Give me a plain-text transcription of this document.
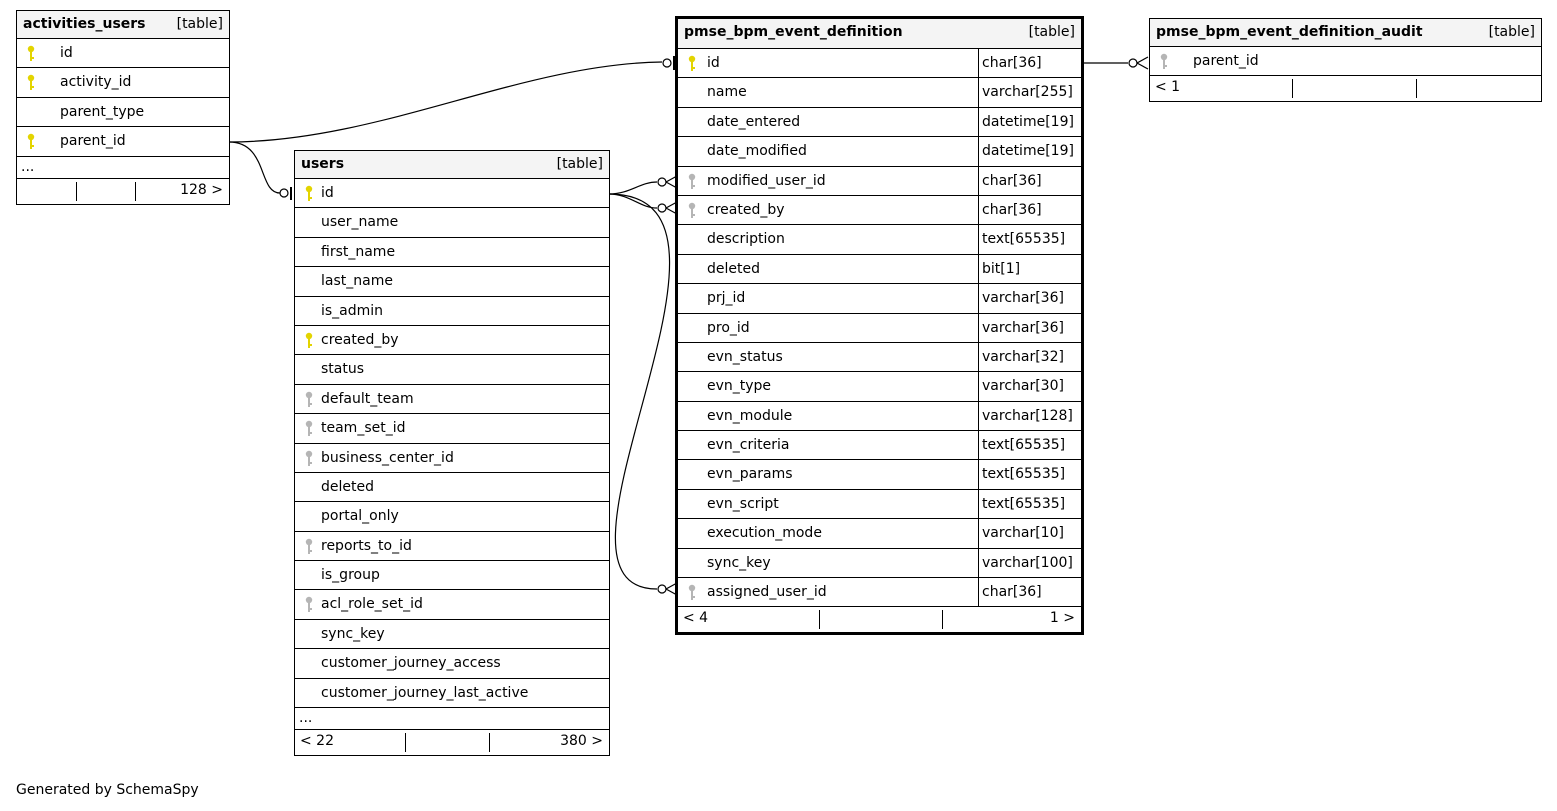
activities_users [table]
id
activity_id
parent_type
parent_id
...
128 >
users	[table]
id
user_name
first_name
last_name
is_admin
created_by
status
default_team
team_set_id
business_center_id
deleted
portal_only
reports_to_id
is_group
acl_role_set_id
sync_key
customer_journey_access
customer_journey_last_active
...
< 22	380 >
pmse_bpm_event_definition	[table]
id	char[36]
name	varchar[255]
date_entered	datetime[19]
date_modified	datetime[19]
modified_user_id	char[36]
created_by	char[36]
description	text[65535]
deleted	bit[1]
prj_id	varchar[36]
pro_id	varchar[36]
evn_status	varchar[32]
evn_type	varchar[30]
evn_module	varchar[128]
evn_criteria	text[65535]
evn_params	text[65535]
evn_script	text[65535]
execution_mode	varchar[10]
sync_key	varchar[100]
assigned_user_id	char[36]
< 4	1 >
pmse_bpm_event_definition_audit	[table]
parent_id
< 1
Generated by SchemaSpy
